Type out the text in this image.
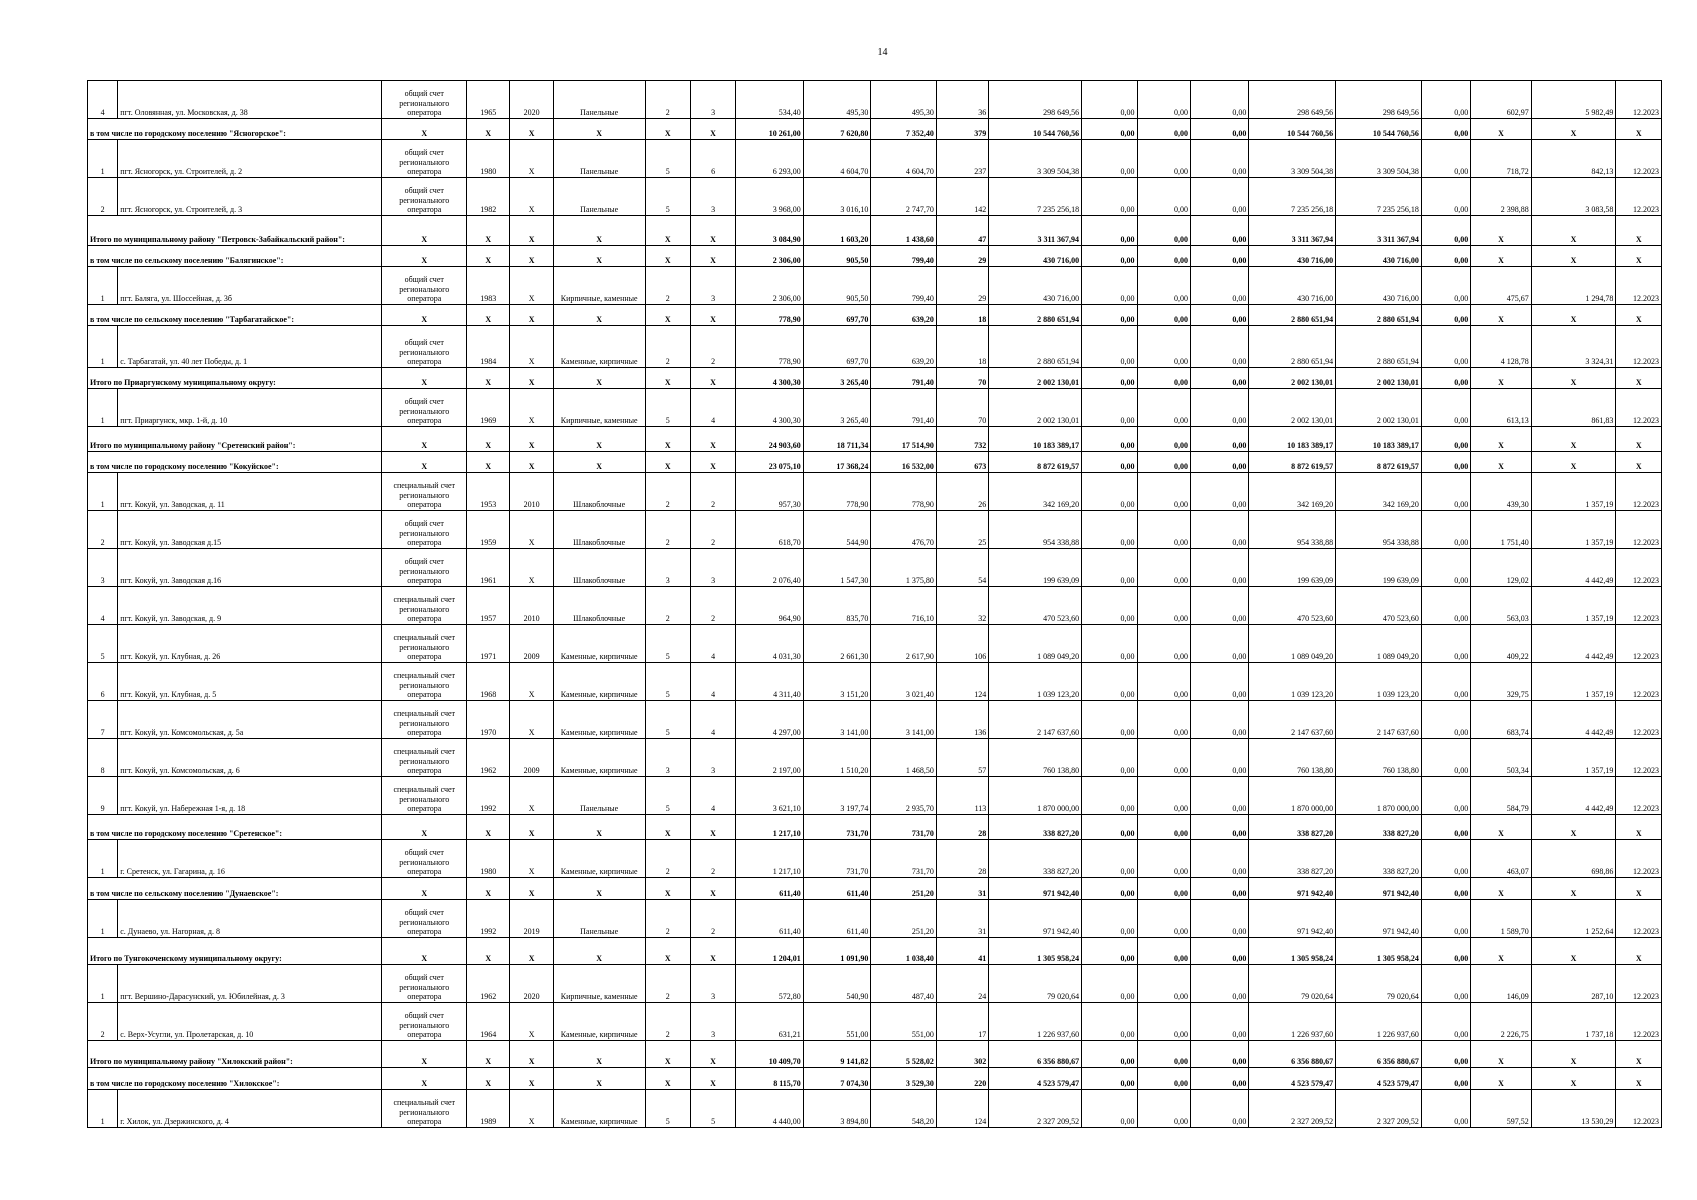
14
4	пгт. Оловянная, ул. Московская, д. 38	общий счет регионального оператора	1965	2020	Панельные	2	3	534,40	495,30	495,30	36	298 649,56	0,00	0,00	0,00	298 649,56	298 649,56	0,00	602,97	5 982,49	12.2023
в том числе по городскому поселению "Ясногорское":		X	X	X	X	X	X	10 261,00	7 620,80	7 352,40	379	10 544 760,56	0,00	0,00	0,00	10 544 760,56	10 544 760,56	0,00	X	X	X
1	пгт. Ясногорск, ул. Строителей, д. 2	общий счет регионального оператора	1980	X	Панельные	5	6	6 293,00	4 604,70	4 604,70	237	3 309 504,38	0,00	0,00	0,00	3 309 504,38	3 309 504,38	0,00	718,72	842,13	12.2023
2	пгт. Ясногорск, ул. Строителей, д. 3	общий счет регионального оператора	1982	X	Панельные	5	3	3 968,00	3 016,10	2 747,70	142	7 235 256,18	0,00	0,00	0,00	7 235 256,18	7 235 256,18	0,00	2 398,88	3 083,58	12.2023
Итого по муниципальному району "Петровск-Забайкальский район":		X	X	X	X	X	X	3 084,90	1 603,20	1 438,60	47	3 311 367,94	0,00	0,00	0,00	3 311 367,94	3 311 367,94	0,00	X	X	X
в том числе по сельскому поселению "Балягинское":		X	X	X	X	X	X	2 306,00	905,50	799,40	29	430 716,00	0,00	0,00	0,00	430 716,00	430 716,00	0,00	X	X	X
1	пгт. Балягa, ул. Шоссейная, д. 3б	общий счет регионального оператора	1983	X	Кирпичные, каменные	2	3	2 306,00	905,50	799,40	29	430 716,00	0,00	0,00	0,00	430 716,00	430 716,00	0,00	475,67	1 294,78	12.2023
в том числе по сельскому поселению "Тарбагатайское":		X	X	X	X	X	X	778,90	697,70	639,20	18	2 880 651,94	0,00	0,00	0,00	2 880 651,94	2 880 651,94	0,00	X	X	X
1	с. Тарбагатай, ул. 40 лет Победы, д. 1	общий счет регионального оператора	1984	X	Каменные, кирпичные	2	2	778,90	697,70	639,20	18	2 880 651,94	0,00	0,00	0,00	2 880 651,94	2 880 651,94	0,00	4 128,78	3 324,31	12.2023
Итого по Приаргунскому муниципальному округу:		X	X	X	X	X	X	4 300,30	3 265,40	791,40	70	2 002 130,01	0,00	0,00	0,00	2 002 130,01	2 002 130,01	0,00	X	X	X
1	пгт. Приаргунск, мкр. 1-й, д. 10	общий счет регионального оператора	1969	X	Кирпичные, каменные	5	4	4 300,30	3 265,40	791,40	70	2 002 130,01	0,00	0,00	0,00	2 002 130,01	2 002 130,01	0,00	613,13	861,83	12.2023
Итого по муниципальному району "Сретенский район":		X	X	X	X	X	X	24 903,60	18 711,34	17 514,90	732	10 183 389,17	0,00	0,00	0,00	10 183 389,17	10 183 389,17	0,00	X	X	X
в том числе по городскому поселению "Кокуйское":		X	X	X	X	X	X	23 075,10	17 368,24	16 532,00	673	8 872 619,57	0,00	0,00	0,00	8 872 619,57	8 872 619,57	0,00	X	X	X
1	пгт. Кокуй, ул. Заводская, д. 11	специальный счет регионального оператора	1953	2010	Шлакоблочные	2	2	957,30	778,90	778,90	26	342 169,20	0,00	0,00	0,00	342 169,20	342 169,20	0,00	439,30	1 357,19	12.2023
2	пгт. Кокуй, ул. Заводская д.15	общий счет регионального оператора	1959	X	Шлакоблочные	2	2	618,70	544,90	476,70	25	954 338,88	0,00	0,00	0,00	954 338,88	954 338,88	0,00	1 751,40	1 357,19	12.2023
3	пгт. Кокуй, ул. Заводская д.16	общий счет регионального оператора	1961	X	Шлакоблочные	3	3	2 076,40	1 547,30	1 375,80	54	199 639,09	0,00	0,00	0,00	199 639,09	199 639,09	0,00	129,02	4 442,49	12.2023
4	пгт. Кокуй, ул. Заводская, д. 9	специальный счет регионального оператора	1957	2010	Шлакоблочные	2	2	964,90	835,70	716,10	32	470 523,60	0,00	0,00	0,00	470 523,60	470 523,60	0,00	563,03	1 357,19	12.2023
5	пгт. Кокуй, ул. Клубная, д. 26	специальный счет регионального оператора	1971	2009	Каменные, кирпичные	5	4	4 031,30	2 661,30	2 617,90	106	1 089 049,20	0,00	0,00	0,00	1 089 049,20	1 089 049,20	0,00	409,22	4 442,49	12.2023
6	пгт. Кокуй, ул. Клубная, д. 5	специальный счет регионального оператора	1968	X	Каменные, кирпичные	5	4	4 311,40	3 151,20	3 021,40	124	1 039 123,20	0,00	0,00	0,00	1 039 123,20	1 039 123,20	0,00	329,75	1 357,19	12.2023
7	пгт. Кокуй, ул. Комсомольская, д. 5а	специальный счет регионального оператора	1970	X	Каменные, кирпичные	5	4	4 297,00	3 141,00	3 141,00	136	2 147 637,60	0,00	0,00	0,00	2 147 637,60	2 147 637,60	0,00	683,74	4 442,49	12.2023
8	пгт. Кокуй, ул. Комсомольская, д. 6	специальный счет регионального оператора	1962	2009	Каменные, кирпичные	3	3	2 197,00	1 510,20	1 468,50	57	760 138,80	0,00	0,00	0,00	760 138,80	760 138,80	0,00	503,34	1 357,19	12.2023
9	пгт. Кокуй, ул. Набережная 1-я, д. 18	специальный счет регионального оператора	1992	X	Панельные	5	4	3 621,10	3 197,74	2 935,70	113	1 870 000,00	0,00	0,00	0,00	1 870 000,00	1 870 000,00	0,00	584,79	4 442,49	12.2023
в том числе по городскому поселению "Сретенское":		X	X	X	X	X	X	1 217,10	731,70	731,70	28	338 827,20	0,00	0,00	0,00	338 827,20	338 827,20	0,00	X	X	X
1	г. Сретенск, ул. Гагарина, д. 16	общий счет регионального оператора	1980	X	Каменные, кирпичные	2	2	1 217,10	731,70	731,70	28	338 827,20	0,00	0,00	0,00	338 827,20	338 827,20	0,00	463,07	698,86	12.2023
в том числе по сельскому поселению "Дунаевское":		X	X	X	X	X	X	611,40	611,40	251,20	31	971 942,40	0,00	0,00	0,00	971 942,40	971 942,40	0,00	X	X	X
1	с. Дунаево, ул. Нагорная, д. 8	общий счет регионального оператора	1992	2019	Панельные	2	2	611,40	611,40	251,20	31	971 942,40	0,00	0,00	0,00	971 942,40	971 942,40	0,00	1 589,70	1 252,64	12.2023
Итого по Тунгокоченскому муниципальному округу:		X	X	X	X	X	X	1 204,01	1 091,90	1 038,40	41	1 305 958,24	0,00	0,00	0,00	1 305 958,24	1 305 958,24	0,00	X	X	X
1	пгт. Вершино-Дарасунский, ул. Юбилейная, д. 3	общий счет регионального оператора	1962	2020	Кирпичные, каменные	2	3	572,80	540,90	487,40	24	79 020,64	0,00	0,00	0,00	79 020,64	79 020,64	0,00	146,09	287,10	12.2023
2	с. Верх-Усугли, ул. Пролетарская, д. 10	общий счет регионального оператора	1964	X	Каменные, кирпичные	2	3	631,21	551,00	551,00	17	1 226 937,60	0,00	0,00	0,00	1 226 937,60	1 226 937,60	0,00	2 226,75	1 737,18	12.2023
Итого по муниципальному району "Хилокский район":		X	X	X	X	X	X	10 409,70	9 141,82	5 528,02	302	6 356 880,67	0,00	0,00	0,00	6 356 880,67	6 356 880,67	0,00	X	X	X
в том числе по городскому поселению "Хилокское":		X	X	X	X	X	X	8 115,70	7 074,30	3 529,30	220	4 523 579,47	0,00	0,00	0,00	4 523 579,47	4 523 579,47	0,00	X	X	X
1	г. Хилок, ул. Дзержинского, д. 4	специальный счет регионального оператора	1989	X	Каменные, кирпичные	5	5	4 440,00	3 894,80	548,20	124	2 327 209,52	0,00	0,00	0,00	2 327 209,52	2 327 209,52	0,00	597,52	13 530,29	12.2023
